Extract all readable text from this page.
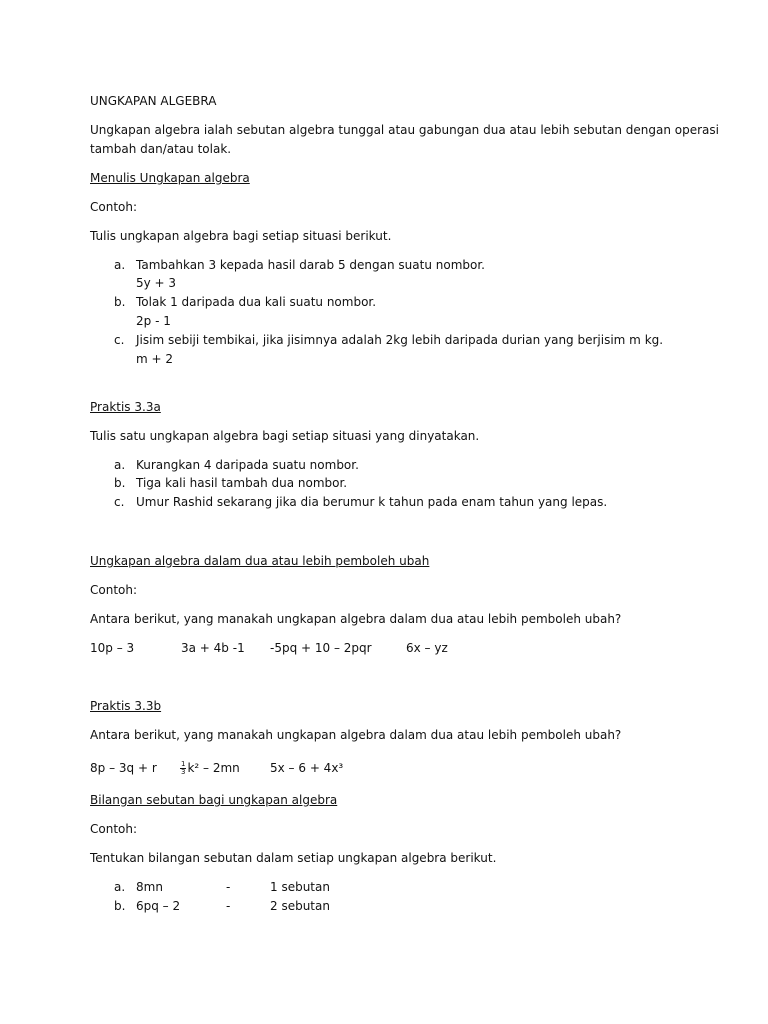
UNGKAPAN ALGEBRA
Ungkapan algebra ialah sebutan algebra tunggal atau gabungan dua atau lebih sebutan dengan operasi
tambah dan/atau tolak.
Menulis Ungkapan algebra
Contoh:
Tulis ungkapan algebra bagi setiap situasi berikut.
a. Tambahkan 3 kepada hasil darab 5 dengan suatu nombor.
5y + 3
b. Tolak 1 daripada dua kali suatu nombor.
2p - 1
c. Jisim sebiji tembikai, jika jisimnya adalah 2kg lebih daripada durian yang berjisim m kg.
m + 2
Praktis 3.3a
Tulis satu ungkapan algebra bagi setiap situasi yang dinyatakan.
a. Kurangkan 4 daripada suatu nombor.
b. Tiga kali hasil tambah dua nombor.
c. Umur Rashid sekarang jika dia berumur k tahun pada enam tahun yang lepas.
Ungkapan algebra dalam dua atau lebih pemboleh ubah
Contoh:
Antara berikut, yang manakah ungkapan algebra dalam dua atau lebih pemboleh ubah?
10p – 3	3a + 4b -1 -5pq + 10 – 2pqr	6x – yz
Praktis 3.3b
Antara berikut, yang manakah ungkapan algebra dalam dua atau lebih pemboleh ubah?
8p – 3q + r	$\frac{1}{3} k^2 - 2mn$	5x – 6 + 4x³
Bilangan sebutan bagi ungkapan algebra
Contoh:
Tentukan bilangan sebutan dalam setiap ungkapan algebra berikut.
a. 8mn	-	1 sebutan
b. 6pq – 2	-	2 sebutan
